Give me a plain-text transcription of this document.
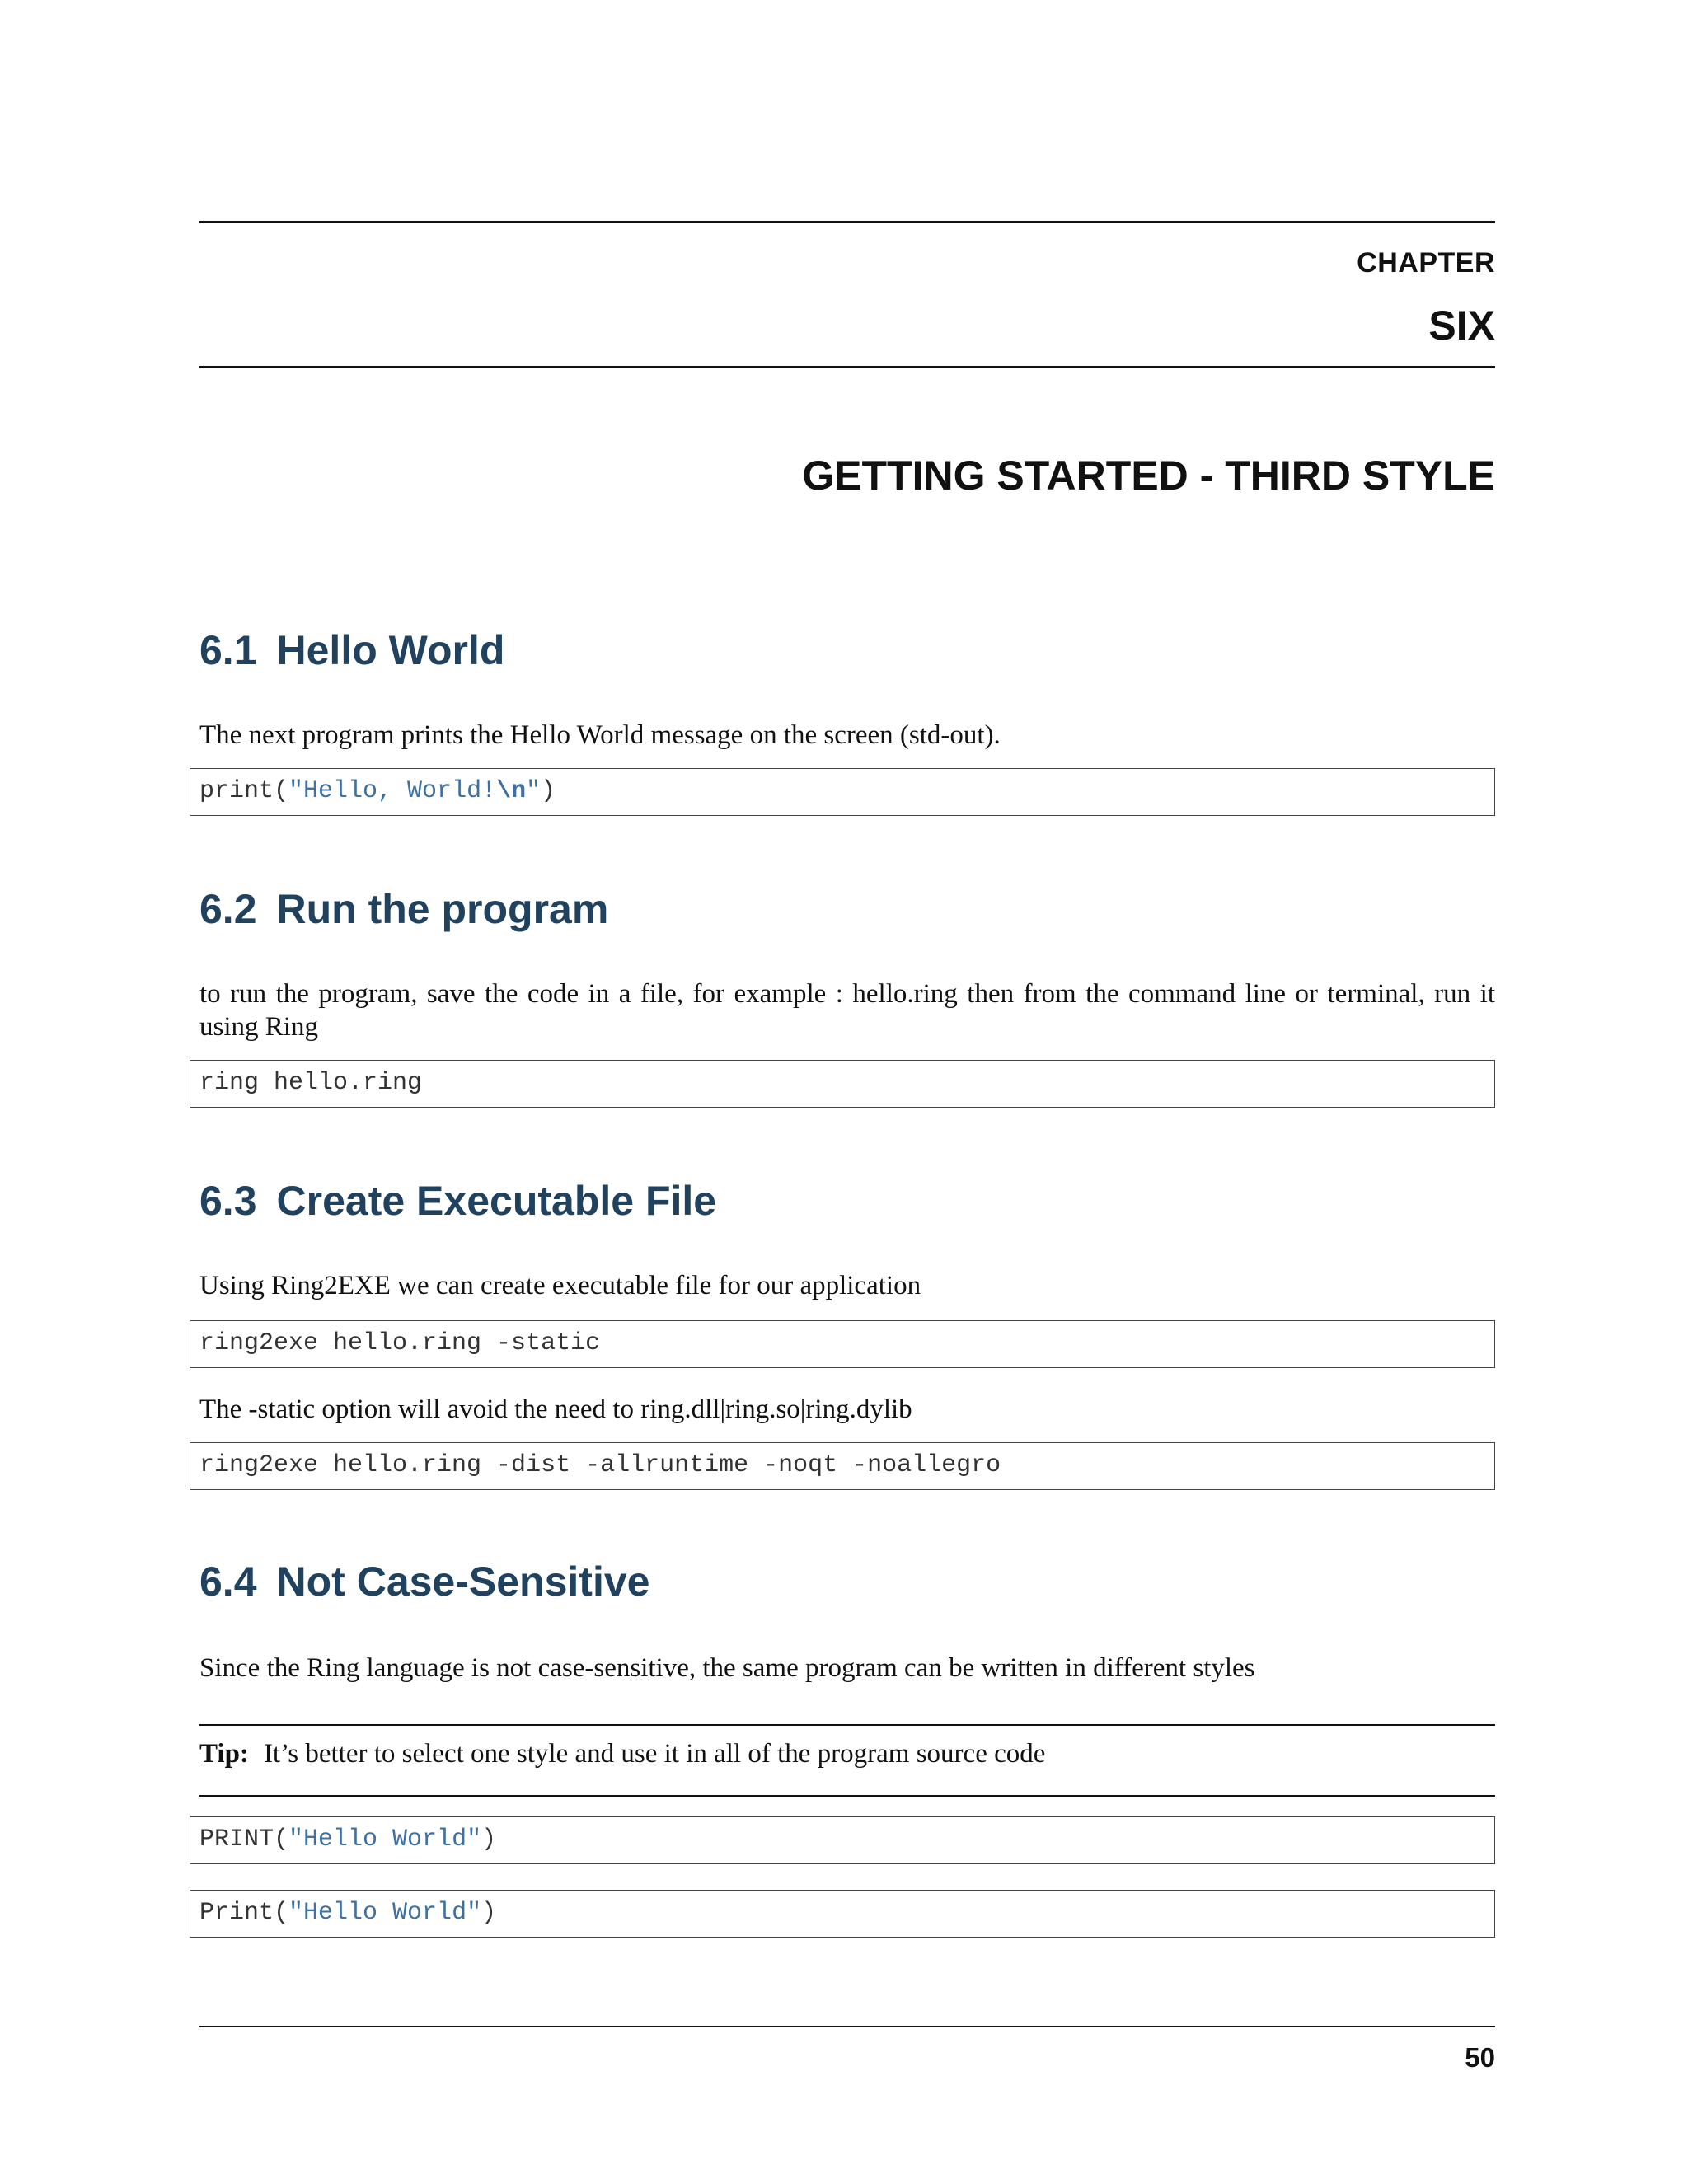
CHAPTER
SIX
GETTING STARTED - THIRD STYLE
6.1 Hello World
The next program prints the Hello World message on the screen (std-out).
print("Hello, World!\n")
6.2 Run the program
to run the program, save the code in a file, for example : hello.ring then from the command line or terminal, run it using Ring
ring hello.ring
6.3 Create Executable File
Using Ring2EXE we can create executable file for our application
ring2exe hello.ring -static
The -static option will avoid the need to ring.dll|ring.so|ring.dylib
ring2exe hello.ring -dist -allruntime -noqt -noallegro
6.4 Not Case-Sensitive
Since the Ring language is not case-sensitive, the same program can be written in different styles
Tip: It’s better to select one style and use it in all of the program source code
PRINT("Hello World")
Print("Hello World")
50
